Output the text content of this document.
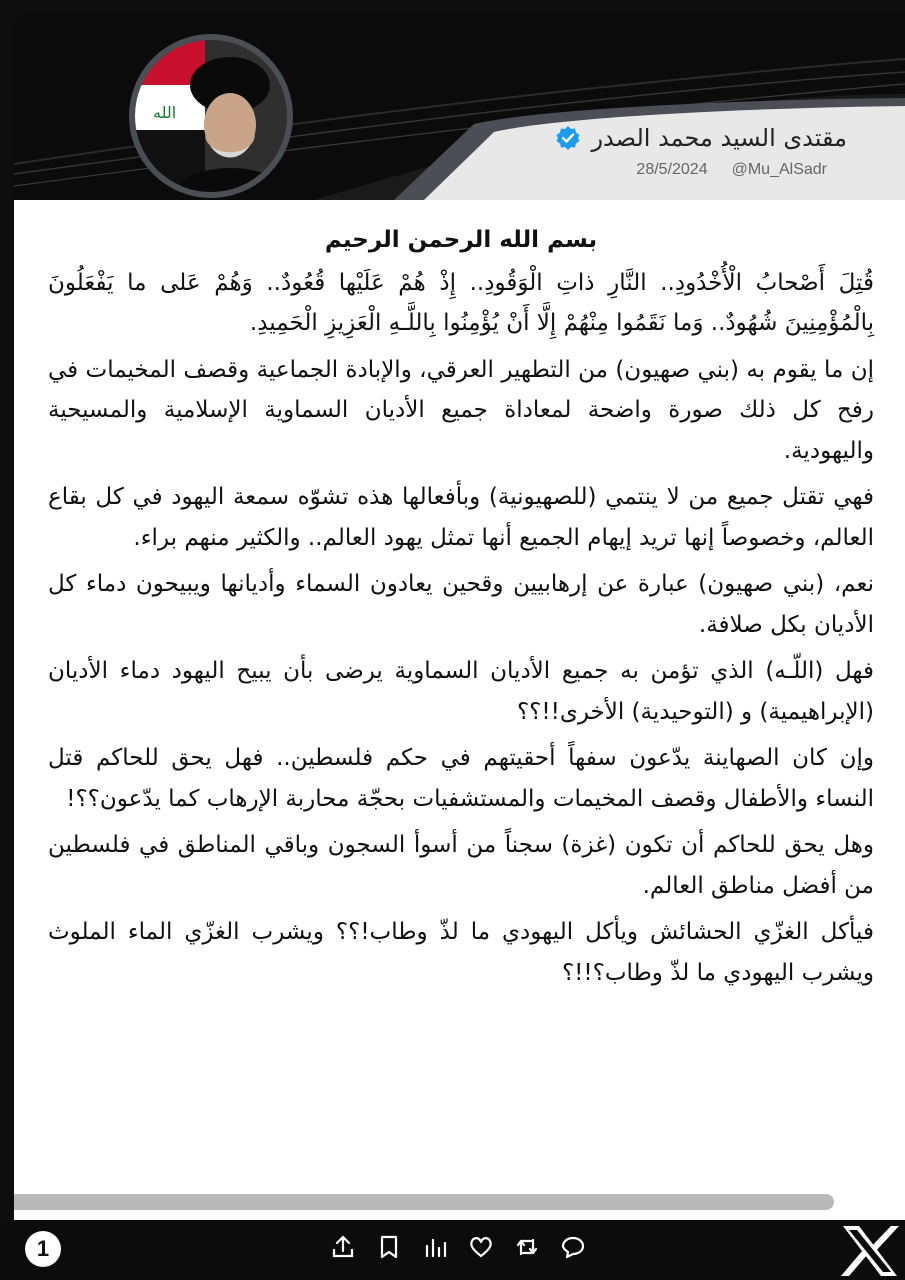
الله
مقتدى السيد محمد الصدر
28/5/2024 @Mu_AlSadr

بسم الله الرحمن الرحيم

قُتِلَ أَصْحابُ الْأُخْدُودِ.. النَّارِ ذاتِ الْوَقُودِ.. إِذْ هُمْ عَلَيْها قُعُودٌ.. وَهُمْ عَلى ما يَفْعَلُونَ بِالْمُؤْمِنِينَ شُهُودٌ.. وَما نَقَمُوا مِنْهُمْ إِلَّا أَنْ يُؤْمِنُوا بِاللَّـهِ الْعَزِيزِ الْحَمِيدِ.

إن ما يقوم به (بني صهيون) من التطهير العرقي، والإبادة الجماعية وقصف المخيمات في رفح كل ذلك صورة واضحة لمعاداة جميع الأديان السماوية الإسلامية والمسيحية واليهودية.

فهي تقتل جميع من لا ينتمي (للصهيونية) وبأفعالها هذه تشوّه سمعة اليهود في كل بقاع العالم، وخصوصاً إنها تريد إيهام الجميع أنها تمثل يهود العالم.. والكثير منهم براء.

نعم، (بني صهيون) عبارة عن إرهابيين وقحين يعادون السماء وأديانها ويبيحون دماء كل الأديان بكل صلافة.

فهل (اللّـه) الذي تؤمن به جميع الأديان السماوية يرضى بأن يبيح اليهود دماء الأديان (الإبراهيمية) و (التوحيدية) الأخرى!!؟؟

وإن كان الصهاينة يدّعون سفهاً أحقيتهم في حكم فلسطين.. فهل يحق للحاكم قتل النساء والأطفال وقصف المخيمات والمستشفيات بحجّة محاربة الإرهاب كما يدّعون؟؟!

وهل يحق للحاكم أن تكون (غزة) سجناً من أسوأ السجون وباقي المناطق في فلسطين من أفضل مناطق العالم.

فيأكل الغزّي الحشائش ويأكل اليهودي ما لذّ وطاب!؟؟ ويشرب الغزّي الماء الملوث ويشرب اليهودي ما لذّ وطاب؟!!؟

1
